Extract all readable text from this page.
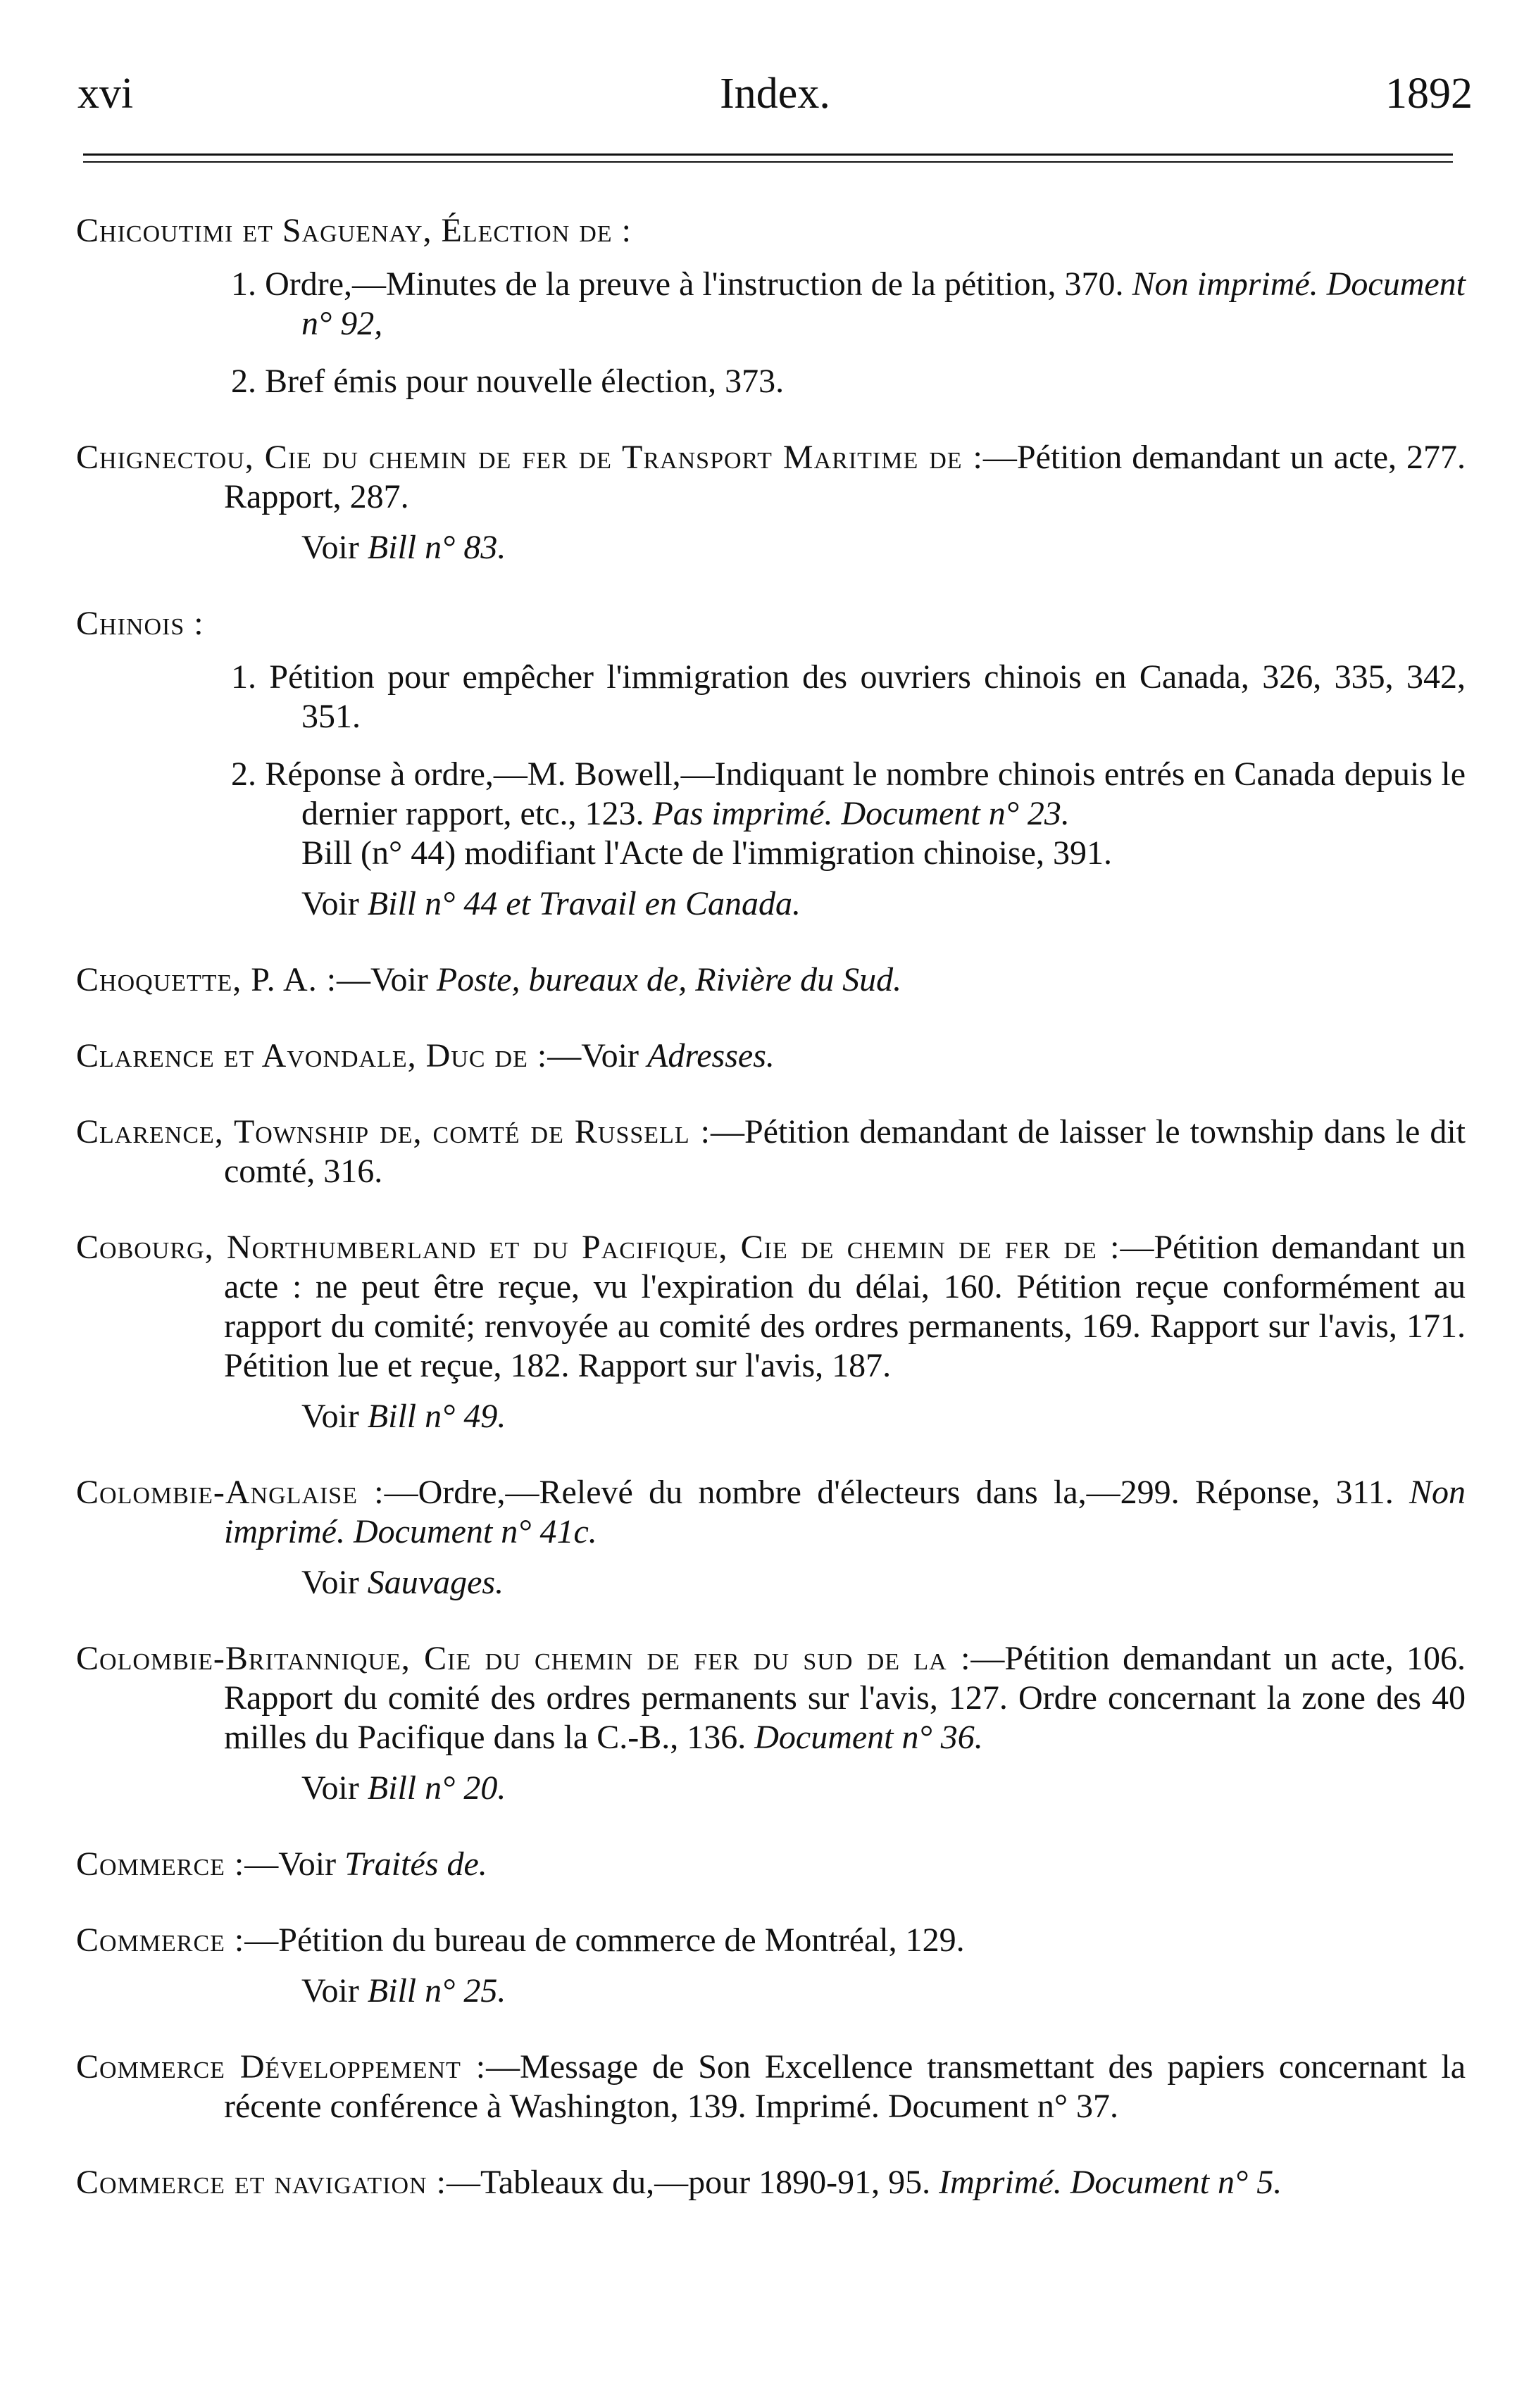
xvi	Index.	1892
Chicoutimi et Saguenay, Élection de :
1. Ordre,—Minutes de la preuve à l'instruction de la pétition, 370. Non imprimé. Document n° 92,
2. Bref émis pour nouvelle élection, 373.
Chignectou, Cie du chemin de fer de Transport Maritime de :—Pétition demandant un acte, 277. Rapport, 287.
Voir Bill n° 83.
Chinois :
1. Pétition pour empêcher l'immigration des ouvriers chinois en Canada, 326, 335, 342, 351.
2. Réponse à ordre,—M. Bowell,—Indiquant le nombre chinois entrés en Canada depuis le dernier rapport, etc., 123. Pas imprimé. Document n° 23.
Bill (n° 44) modifiant l'Acte de l'immigration chinoise, 391.
Voir Bill n° 44 et Travail en Canada.
Choquette, P. A. :—Voir Poste, bureaux de, Rivière du Sud.
Clarence et Avondale, Duc de :—Voir Adresses.
Clarence, Township de, comté de Russell :—Pétition demandant de laisser le township dans le dit comté, 316.
Cobourg, Northumberland et du Pacifique, Cie de chemin de fer de :—Pétition demandant un acte : ne peut être reçue, vu l'expiration du délai, 160. Pétition reçue conformément au rapport du comité; renvoyée au comité des ordres permanents, 169. Rapport sur l'avis, 171. Pétition lue et reçue, 182. Rapport sur l'avis, 187.
Voir Bill n° 49.
Colombie-Anglaise :—Ordre,—Relevé du nombre d'électeurs dans la,—299. Réponse, 311. Non imprimé. Document n° 41c.
Voir Sauvages.
Colombie-Britannique, Cie du chemin de fer du sud de la :—Pétition demandant un acte, 106. Rapport du comité des ordres permanents sur l'avis, 127. Ordre concernant la zone des 40 milles du Pacifique dans la C.-B., 136. Document n° 36.
Voir Bill n° 20.
Commerce :—Voir Traités de.
Commerce :—Pétition du bureau de commerce de Montréal, 129.
Voir Bill n° 25.
Commerce Développement :—Message de Son Excellence transmettant des papiers concernant la récente conférence à Washington, 139. Imprimé. Document n° 37.
Commerce et navigation :—Tableaux du,—pour 1890-91, 95. Imprimé. Document n° 5.
